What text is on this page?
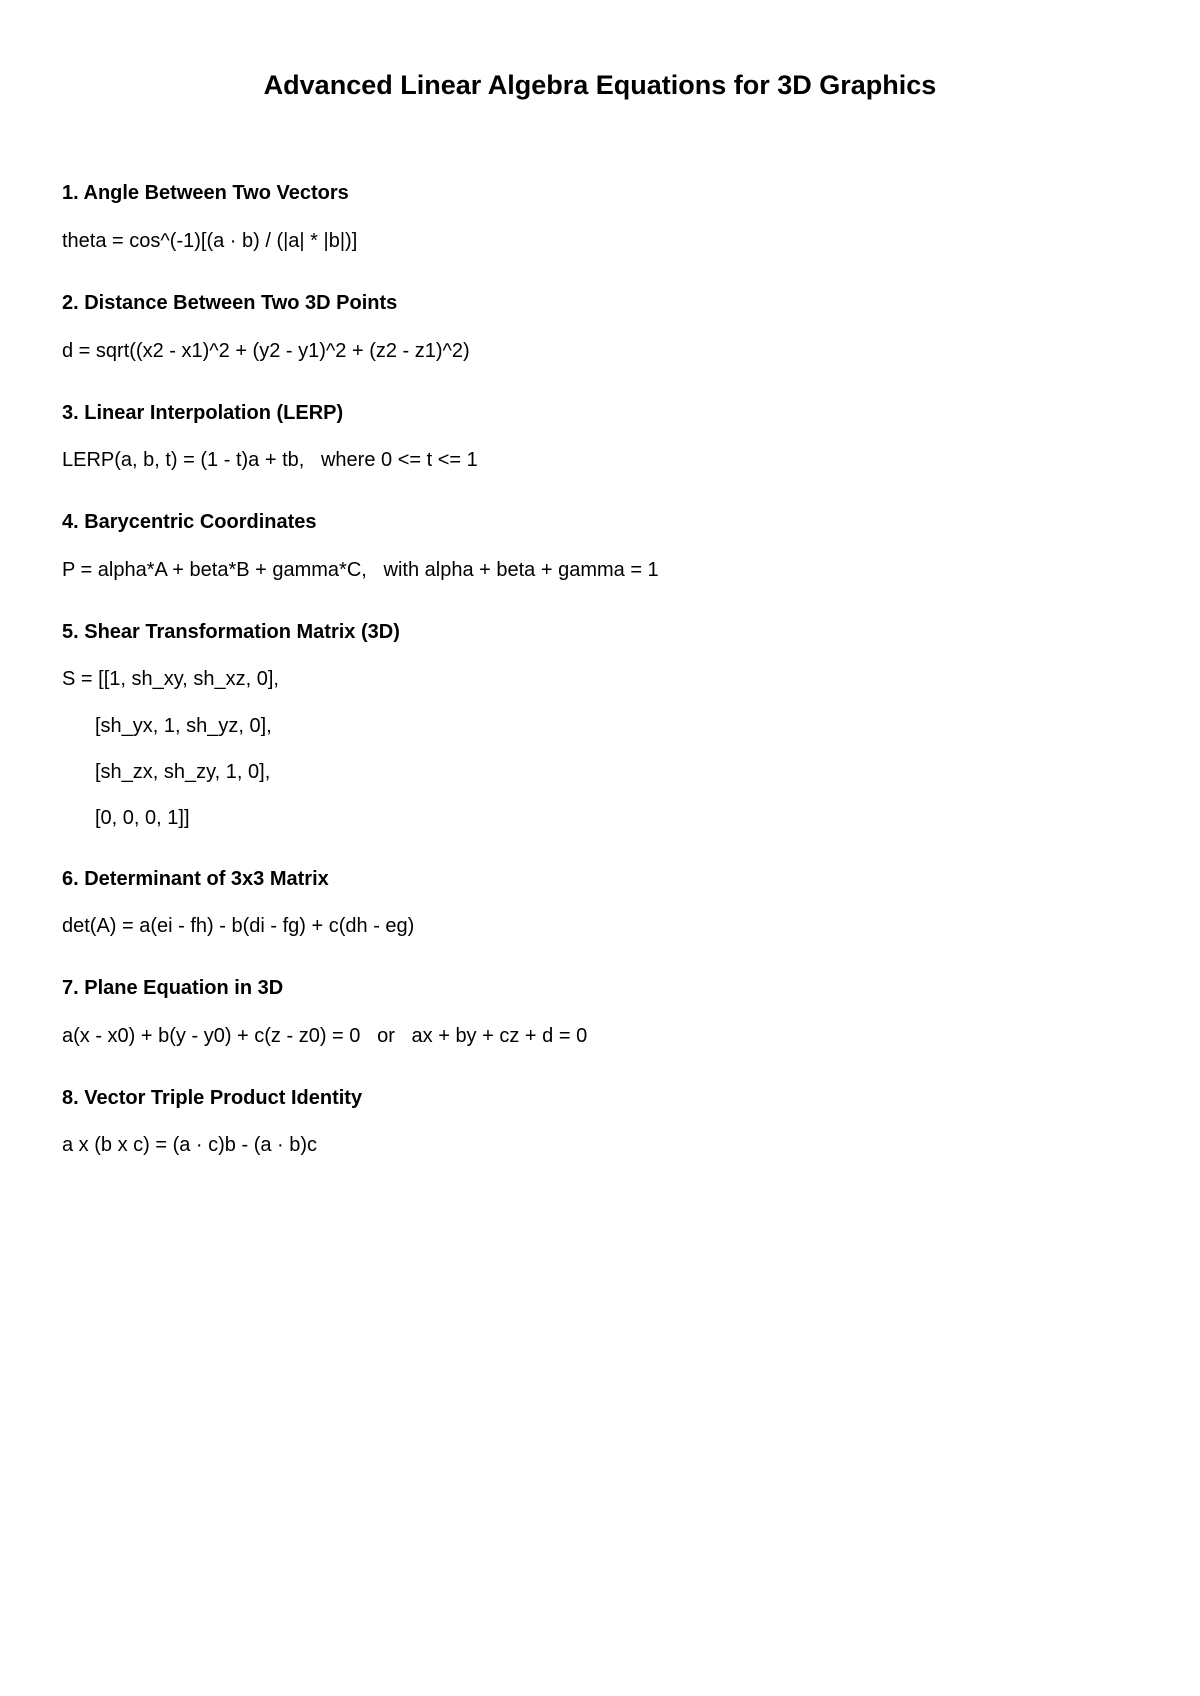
Advanced Linear Algebra Equations for 3D Graphics
1. Angle Between Two Vectors
theta = cos^(-1)[(a · b) / (|a| * |b|)]
2. Distance Between Two 3D Points
d = sqrt((x2 - x1)^2 + (y2 - y1)^2 + (z2 - z1)^2)
3. Linear Interpolation (LERP)
LERP(a, b, t) = (1 - t)a + tb,   where 0 <= t <= 1
4. Barycentric Coordinates
P = alpha*A + beta*B + gamma*C,   with alpha + beta + gamma = 1
5. Shear Transformation Matrix (3D)
S = [[1, sh_xy, sh_xz, 0],
[sh_yx, 1, sh_yz, 0],
[sh_zx, sh_zy, 1, 0],
[0, 0, 0, 1]]
6. Determinant of 3x3 Matrix
det(A) = a(ei - fh) - b(di - fg) + c(dh - eg)
7. Plane Equation in 3D
a(x - x0) + b(y - y0) + c(z - z0) = 0   or   ax + by + cz + d = 0
8. Vector Triple Product Identity
a x (b x c) = (a · c)b - (a · b)c
